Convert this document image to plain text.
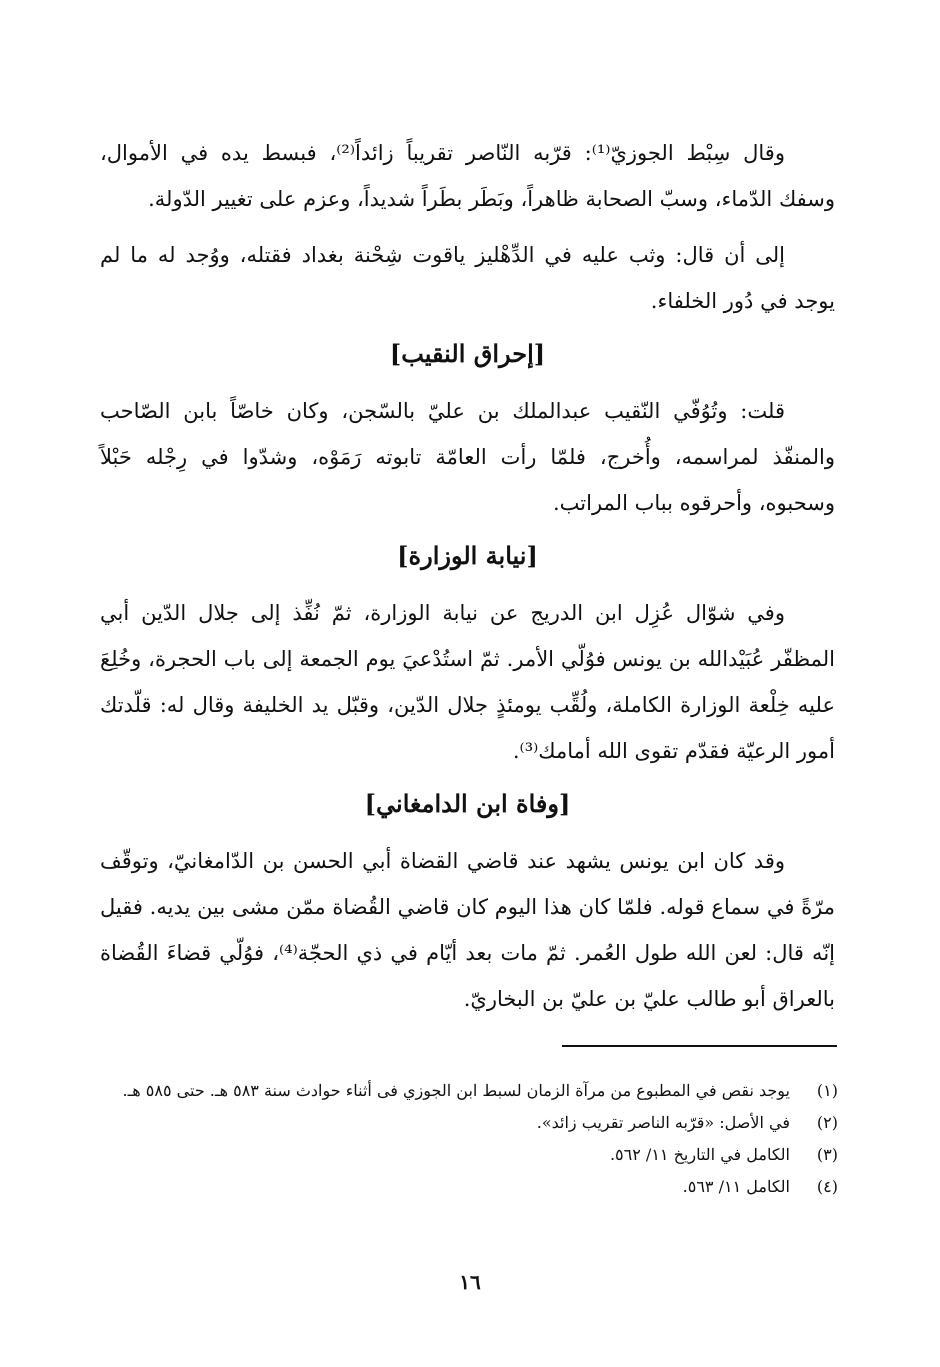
وقال سِبْط الجوزيّ⁽¹⁾: قرّبه النّاصر تقريباً زائداً⁽²⁾، فبسط يده في الأموال، وسفك الدّماء، وسبّ الصحابة ظاهراً، وبَطَر بطَراً شديداً، وعزم على تغيير الدّولة.

إلى أن قال: وثب عليه في الدِّهْليز ياقوت شِحْنة بغداد فقتله، ووُجد له ما لم يوجد في دُور الخلفاء.

[إحراق النقيب]

قلت: وتُوُفّي النّقيب عبدالملك بن عليّ بالسّجن، وكان خاصّاً بابن الصّاحب والمنفّذ لمراسمه، وأُخرج، فلمّا رأت العامّة تابوته رَمَوْه، وشدّوا في رِجْله حَبْلاً وسحبوه، وأحرقوه بباب المراتب.

[نيابة الوزارة]

وفي شوّال عُزِل ابن الدريج عن نيابة الوزارة، ثمّ نُفِّذ إلى جلال الدّين أبي المظفّر عُبَيْدالله بن يونس فوُلّي الأمر. ثمّ استُدْعيَ يوم الجمعة إلى باب الحجرة، وخُلِعَ عليه خِلْعة الوزارة الكاملة، ولُقِّب يومئذٍ جلال الدّين، وقبّل يد الخليفة وقال له: قلّدتك أمور الرعيّة فقدّم تقوى الله أمامك⁽³⁾.

[وفاة ابن الدامغاني]

وقد كان ابن يونس يشهد عند قاضي القضاة أبي الحسن بن الدّامغانيّ، وتوقّف مرّةً في سماع قوله. فلمّا كان هذا اليوم كان قاضي القُضاة ممّن مشى بين يديه. فقيل إنّه قال: لعن الله طول العُمر. ثمّ مات بعد أيّام في ذي الحجّة⁽⁴⁾، فوُلّي قضاءَ القُضاة بالعراق أبو طالب عليّ بن عليّ بن البخاريّ.

(١)
يوجد نقص في المطبوع من مرآة الزمان لسبط ابن الجوزي فى أثناء حوادث سنة ٥٨٣ هـ. حتى ٥٨٥ هـ.
(٢)
في الأصل: «قرّبه الناصر تقريب زائد».
(٣)
الكامل في التاريخ ١١/ ٥٦٢.
(٤)
الكامل ١١/ ٥٦٣.
١٦
